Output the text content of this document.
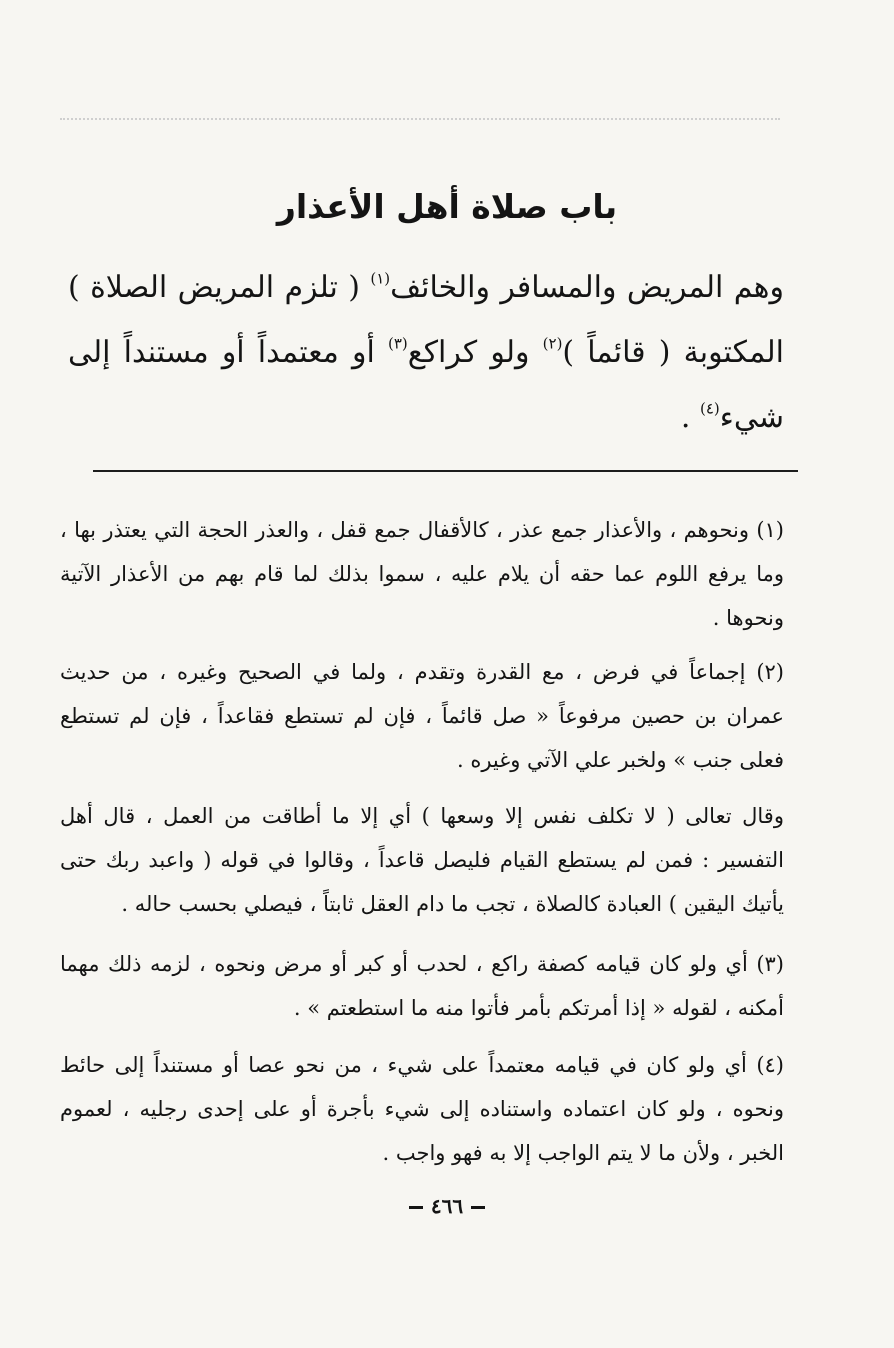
باب صلاة أهل الأعذار
وهم المريض والمسافر والخائف$^{(١)}$ ( تلزم المريض الصلاة ) المكتوبة ( قائماً )$^{(٢)}$ ولو كراكع$^{(٣)}$ أو معتمداً أو مستنداً إلى شيء$^{(٤)}$ .
(١) ونحوهم ، والأعذار جمع عذر ، كالأقفال جمع قفل ، والعذر الحجة التي يعتذر بها ، وما يرفع اللوم عما حقه أن يلام عليه ، سموا بذلك لما قام بهم من الأعذار الآتية ونحوها .
(٢) إجماعاً في فرض ، مع القدرة وتقدم ، ولما في الصحيح وغيره ، من حديث عمران بن حصين مرفوعاً « صل قائماً ، فإن لم تستطع فقاعداً ، فإن لم تستطع فعلى جنب » ولخبر علي الآتي وغيره .
وقال تعالى ( لا تكلف نفس إلا وسعها ) أي إلا ما أطاقت من العمل ، قال أهل التفسير : فمن لم يستطع القيام فليصل قاعداً ، وقالوا في قوله ( واعبد ربك حتى يأتيك اليقين ) العبادة كالصلاة ، تجب ما دام العقل ثابتاً ، فيصلي بحسب حاله .
(٣) أي ولو كان قيامه كصفة راكع ، لحدب أو كبر أو مرض ونحوه ، لزمه ذلك مهما أمكنه ، لقوله « إذا أمرتكم بأمر فأتوا منه ما استطعتم » .
(٤) أي ولو كان في قيامه معتمداً على شيء ، من نحو عصا أو مستنداً إلى حائط ونحوه ، ولو كان اعتماده واستناده إلى شيء بأجرة أو على إحدى رجليه ، لعموم الخبر ، ولأن ما لا يتم الواجب إلا به فهو واجب .
٤٦٦
